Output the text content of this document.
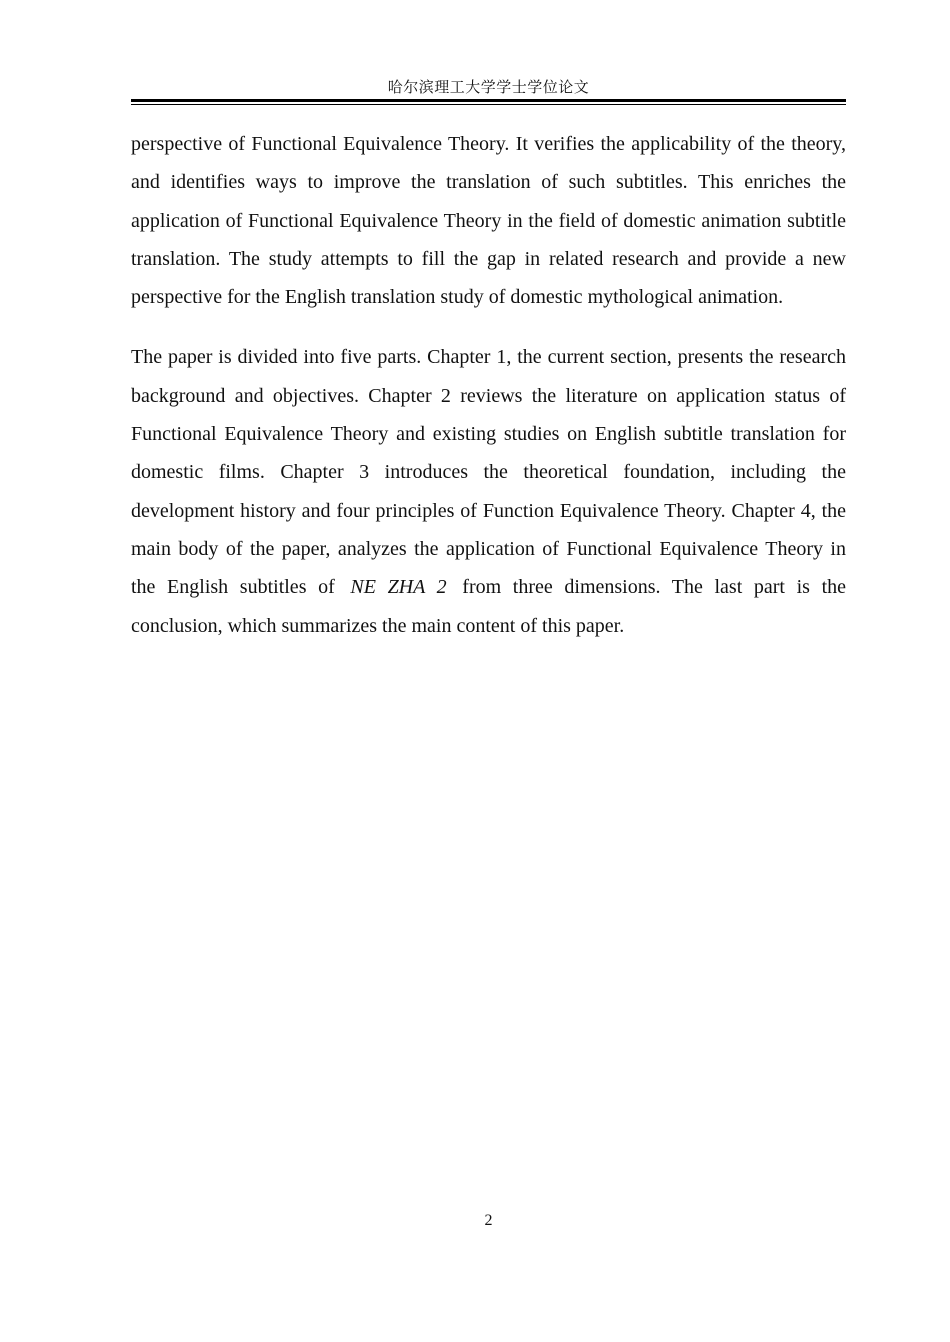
哈尔滨理工大学学士学位论文

perspective of Functional Equivalence Theory. It verifies the applicability of the theory, and identifies ways to improve the translation of such subtitles. This enriches the application of Functional Equivalence Theory in the field of domestic animation subtitle translation. The study attempts to fill the gap in related research and provide a new perspective for the English translation study of domestic mythological animation.

The paper is divided into five parts. Chapter 1, the current section, presents the research background and objectives. Chapter 2 reviews the literature on application status of Functional Equivalence Theory and existing studies on English subtitle translation for domestic films. Chapter 3 introduces the theoretical foundation, including the development history and four principles of Function Equivalence Theory. Chapter 4, the main body of the paper, analyzes the application of Functional Equivalence Theory in the English subtitles of NE ZHA 2 from three dimensions. The last part is the conclusion, which summarizes the main content of this paper.

2
